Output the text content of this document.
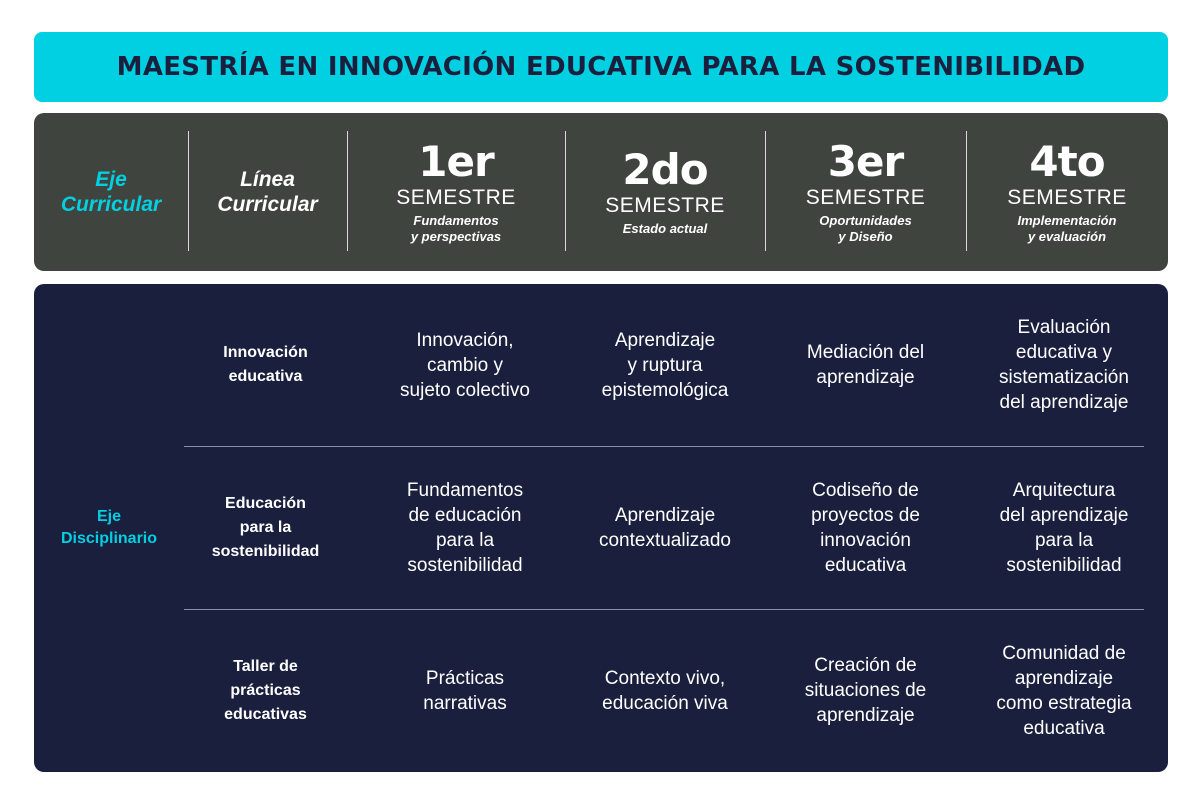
MAESTRÍA EN INNOVACIÓN EDUCATIVA PARA LA SOSTENIBILIDAD
Eje
Curricular
Línea
Curricular
1er
SEMESTRE
Fundamentos
y perspectivas
2do
SEMESTRE
Estado actual
3er
SEMESTRE
Oportunidades
y Diseño
4to
SEMESTRE
Implementación
y evaluación
Eje
Disciplinario
Innovación
educativa
Innovación,
cambio y
sujeto colectivo
Aprendizaje
y ruptura
epistemológica
Mediación del
aprendizaje
Evaluación
educativa y
sistematización
del aprendizaje
Educación
para la
sostenibilidad
Fundamentos
de educación
para la
sostenibilidad
Aprendizaje
contextualizado
Codiseño de
proyectos de
innovación
educativa
Arquitectura
del aprendizaje
para la
sostenibilidad
Taller de
prácticas
educativas
Prácticas
narrativas
Contexto vivo,
educación viva
Creación de
situaciones de
aprendizaje
Comunidad de
aprendizaje
como estrategia
educativa
